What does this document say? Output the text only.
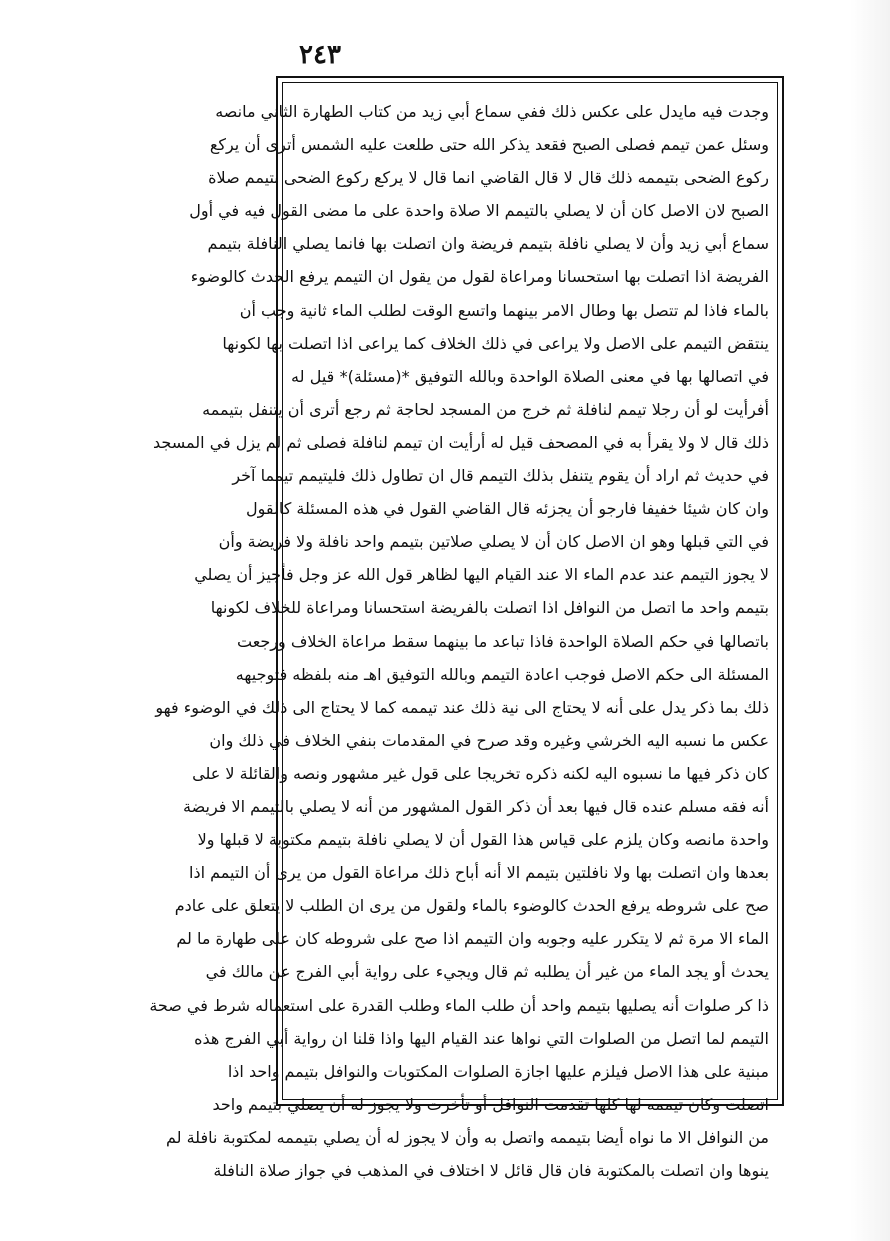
٢٤٣
وجدت فيه مايدل على عكس ذلك ففي سماع أبي زيد من كتاب الطهارة الثاني مانصه
وسئل عمن تيمم فصلى الصبح فقعد يذكر الله حتى طلعت عليه الشمس أترى أن يركع
ركوع الضحى بتيممه ذلك قال لا قال القاضي انما قال لا يركع ركوع الضحى بتيمم صلاة
الصبح لان الاصل كان أن لا يصلي بالتيمم الا صلاة واحدة على ما مضى القول فيه في أول
سماع أبي زيد وأن لا يصلي نافلة بتيمم فريضة وان اتصلت بها فانما يصلي النافلة بتيمم
الفريضة اذا اتصلت بها استحسانا ومراعاة لقول من يقول ان التيمم يرفع الحدث كالوضوء
بالماء فاذا لم تتصل بها وطال الامر بينهما واتسع الوقت لطلب الماء ثانية وجب أن
ينتقض التيمم على الاصل ولا يراعى في ذلك الخلاف كما يراعى اذا اتصلت بها لكونها
في اتصالها بها في معنى الصلاة الواحدة وبالله التوفيق *(مسئلة)* قيل له
أفرأيت لو أن رجلا تيمم لنافلة ثم خرج من المسجد لحاجة ثم رجع أترى أن يتنفل بتيممه
ذلك قال لا ولا يقرأ به في المصحف قيل له أرأيت ان تيمم لنافلة فصلى ثم لم يزل في المسجد
في حديث ثم اراد أن يقوم يتنفل بذلك التيمم قال ان تطاول ذلك فليتيمم تيمما آخر
وان كان شيئا خفيفا فارجو أن يجزئه قال القاضي القول في هذه المسئلة كالقول
في التي قبلها وهو ان الاصل كان أن لا يصلي صلاتين بتيمم واحد نافلة ولا فريضة وأن
لا يجوز التيمم عند عدم الماء الا عند القيام اليها لظاهر قول الله عز وجل فأجيز أن يصلي
بتيمم واحد ما اتصل من النوافل اذا اتصلت بالفريضة استحسانا ومراعاة للخلاف لكونها
باتصالها في حكم الصلاة الواحدة فاذا تباعد ما بينهما سقط مراعاة الخلاف ورجعت
المسئلة الى حكم الاصل فوجب اعادة التيمم وبالله التوفيق اهـ منه بلفظه فتوجيهه
ذلك بما ذكر يدل على أنه لا يحتاج الى نية ذلك عند تيممه كما لا يحتاج الى ذلك في الوضوء فهو
عكس ما نسبه اليه الخرشي وغيره وقد صرح في المقدمات بنفي الخلاف في ذلك وان
كان ذكر فيها ما نسبوه اليه لكنه ذكره تخريجا على قول غير مشهور ونصه والقائلة لا على
أنه فقه مسلم عنده قال فيها بعد أن ذكر القول المشهور من أنه لا يصلي بالتيمم الا فريضة
واحدة مانصه وكان يلزم على قياس هذا القول أن لا يصلي نافلة بتيمم مكتوبة لا قبلها ولا
بعدها وان اتصلت بها ولا نافلتين بتيمم الا أنه أباح ذلك مراعاة القول من يرى أن التيمم اذا
صح على شروطه يرفع الحدث كالوضوء بالماء ولقول من يرى ان الطلب لا يتعلق على عادم
الماء الا مرة ثم لا يتكرر عليه وجوبه وان التيمم اذا صح على شروطه كان على طهارة ما لم
يحدث أو يجد الماء من غير أن يطلبه ثم قال ويجيء على رواية أبي الفرج عن مالك في
ذا كر صلوات أنه يصليها بتيمم واحد أن طلب الماء وطلب القدرة على استعماله شرط في صحة
التيمم لما اتصل من الصلوات التي نواها عند القيام اليها واذا قلنا ان رواية أبي الفرج هذه
مبنية على هذا الاصل فيلزم عليها اجازة الصلوات المكتوبات والنوافل بتيمم واحد اذا
اتصلت وكان تيممه لها كلها تقدمت النوافل أو تأخرت ولا يجوز له أن يصلي بتيمم واحد
من النوافل الا ما نواه أيضا بتيممه واتصل به وأن لا يجوز له أن يصلي بتيممه لمكتوبة نافلة لم
ينوها وان اتصلت بالمكتوبة فان قال قائل لا اختلاف في المذهب في جواز صلاة النافلة
